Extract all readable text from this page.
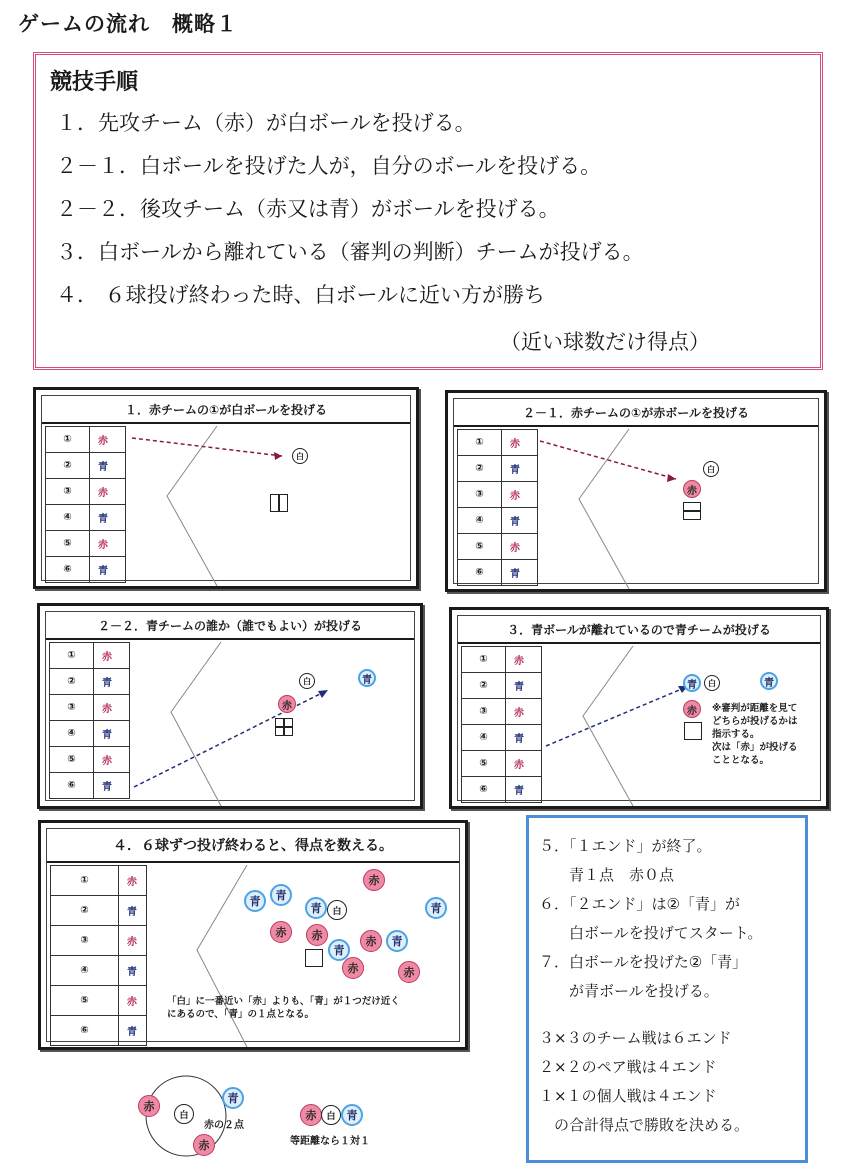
ゲームの流れ　概略１
競技手順
１．先攻チーム（赤）が白ボールを投げる。
２－１．白ボールを投げた人が，自分のボールを投げる。
２－２．後攻チーム（赤又は青）がボールを投げる。
３．白ボールから離れている（審判の判断）チームが投げる。
４． ６球投げ終わった時、白ボールに近い方が勝ち
（近い球数だけ得点）
１．赤チームの①が白ボールを投げる
①	赤
②	青
③	赤
④	青
⑤	赤
⑥	青
白
２－１．赤チームの①が赤ボールを投げる
①	赤
②	青
③	赤
④	青
⑤	赤
⑥	青
白
赤
２－２．青チームの誰か（誰でもよい）が投げる
①	赤
②	青
③	赤
④	青
⑤	赤
⑥	青
白	青
赤
３．青ボールが離れているので青チームが投げる
①	赤
②	青
③	赤
④	青
⑤	赤
⑥	青
青	白	青
赤	※審判が距離を見て
どちらが投げるかは
指示する。
次は「赤」が投げる
こととなる。
４．６球ずつ投げ終わると、得点を数える。
①	赤
②	青
③	赤
④	青
⑤	赤
⑥	青
青	青
赤
青	白	青
赤	赤
青
赤	青
赤	赤
「白」に一番近い「赤」よりも、「青」が１つだけ近く
にあるので、「青」の１点となる。
５．「１エンド」が終了。
　　青１点　赤０点
６．「２エンド」は②「青」が
　　白ボールを投げてスタート。
７．白ボールを投げた②「青」
　　が青ボールを投げる。
３×３のチーム戦は６エンド
２×２のペア戦は４エンド
１×１の個人戦は４エンド
　の合計得点で勝敗を決める。
白
赤
青
赤
赤の２点
赤	白	青
等距離なら１対１
